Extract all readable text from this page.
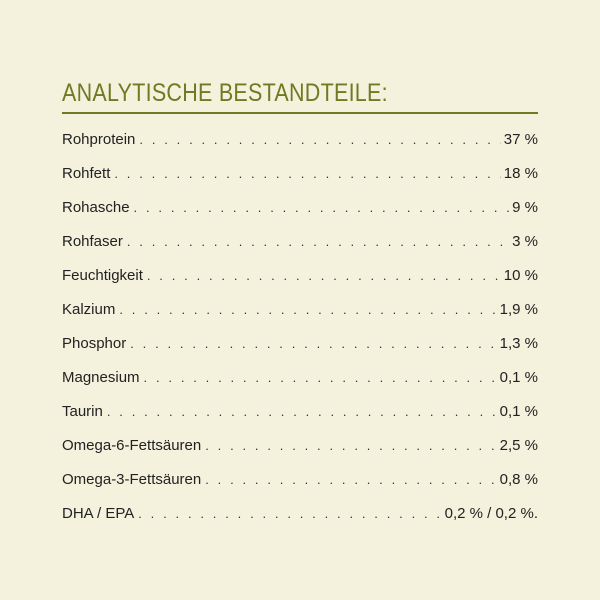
ANALYTISCHE BESTANDTEILE:
Rohprotein . . .	37 %
Rohfett . . .	18 %
Rohasche . . .	9 %
Rohfaser . . .	3 %
Feuchtigkeit . . .	10 %
Kalzium . . .	1,9 %
Phosphor . . .	1,3 %
Magnesium . . .	0,1 %
Taurin . . .	0,1 %
Omega-6-Fettsäuren . . .	2,5 %
Omega-3-Fettsäuren . . .	0,8 %
DHA / EPA . . .	0,2 % / 0,2 %.
